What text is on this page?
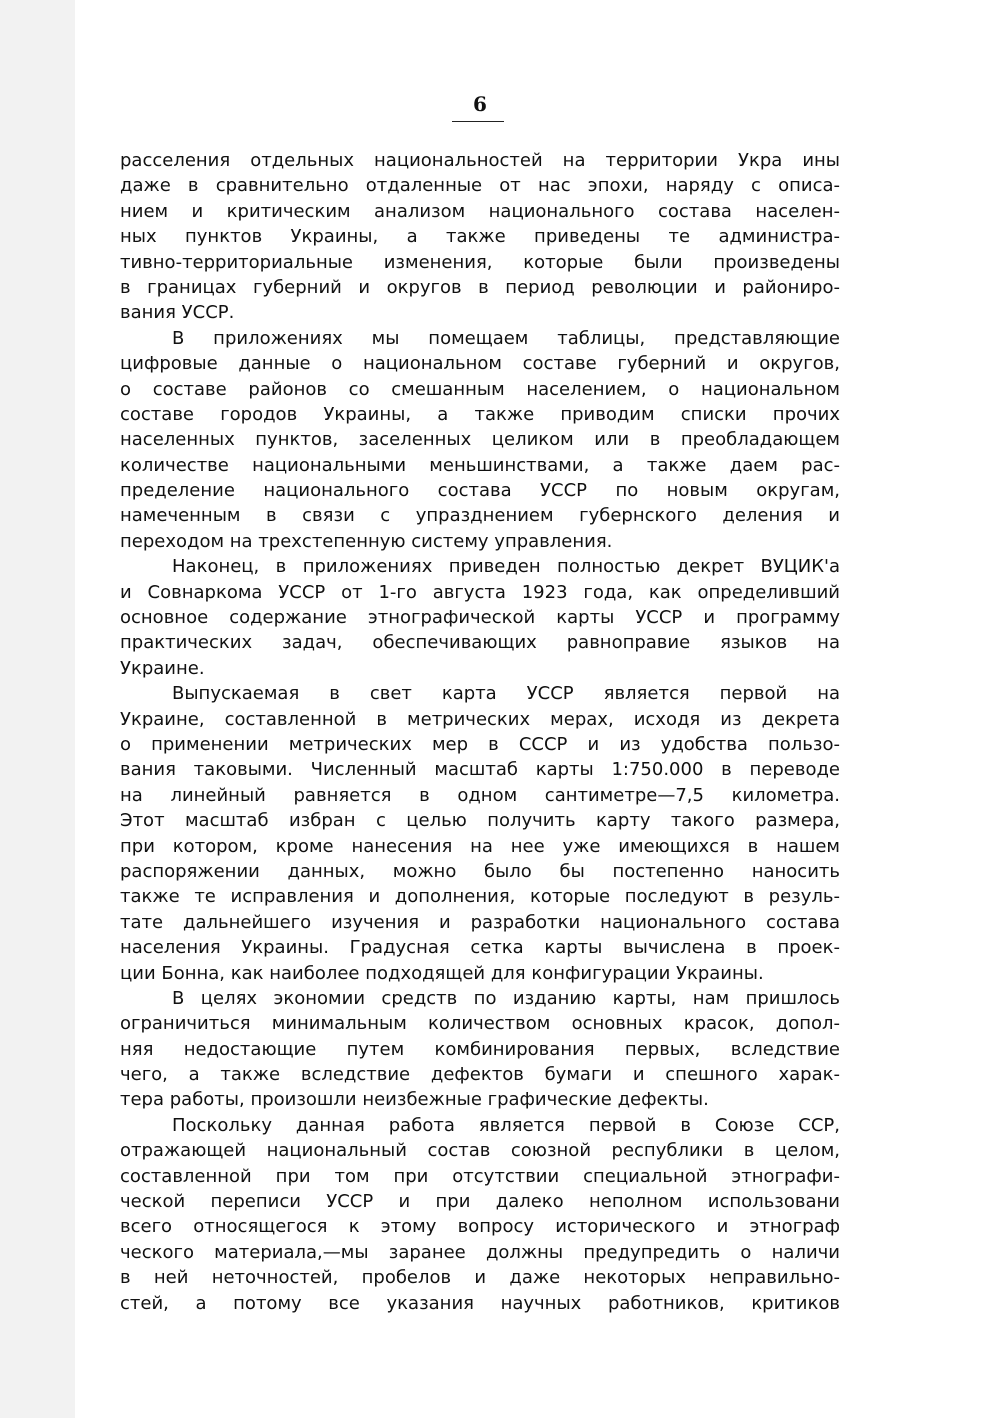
6
расселения отдельных национальностей на территории Укра ины
даже в сравнительно отдаленные от нас эпохи, наряду с описа-
нием и критическим анализом национального состава населен-
ных пунктов Украины, а также приведены те администра-
тивно-территориальные изменения, которые были произведены
в границах губерний и округов в период революции и райониро-
вания УССР.
В приложениях мы помещаем таблицы, представляющие
цифровые данные о национальном составе губерний и округов,
о составе районов со смешанным населением, о национальном
составе городов Украины, а также приводим списки прочих
населенных пунктов, заселенных целиком или в преобладающем
количестве национальными меньшинствами, а также даем рас-
пределение национального состава УССР по новым округам,
намеченным в связи с упразднением губернского деления и
переходом на трехстепенную систему управления.
Наконец, в приложениях приведен полностью декрет ВУЦИК'а
и Совнаркома УССР от 1-го августа 1923 года, как определивший
основное содержание этнографической карты УССР и программу
практических задач, обеспечивающих равноправие языков на
Украине.
Выпускаемая в свет карта УССР является первой на
Украине, составленной в метрических мерах, исходя из декрета
о применении метрических мер в СССР и из удобства пользо-
вания таковыми. Численный масштаб карты 1:750.000 в переводе
на линейный равняется в одном сантиметре—7,5 километра.
Этот масштаб избран с целью получить карту такого размера,
при котором, кроме нанесения на нее уже имеющихся в нашем
распоряжении данных, можно было бы постепенно наносить
также те исправления и дополнения, которые последуют в резуль-
тате дальнейшего изучения и разработки национального состава
населения Украины. Градусная сетка карты вычислена в проек-
ции Бонна, как наиболее подходящей для конфигурации Украины.
В целях экономии средств по изданию карты, нам пришлось
ограничиться минимальным количеством основных красок, допол-
няя недостающие путем комбинирования первых, вследствие
чего, а также вследствие дефектов бумаги и спешного харак-
тера работы, произошли неизбежные графические дефекты.
Поскольку данная работа является первой в Союзе ССР,
отражающей национальный состав союзной республики в целом,
составленной при том при отсутствии специальной этнографи-
ческой переписи УССР и при далеко неполном использовани
всего относящегося к этому вопросу исторического и этнограф
ческого материала,—мы заранее должны предупредить о наличи
в ней неточностей, пробелов и даже некоторых неправильно-
стей, а потому все указания научных работников, критиков
